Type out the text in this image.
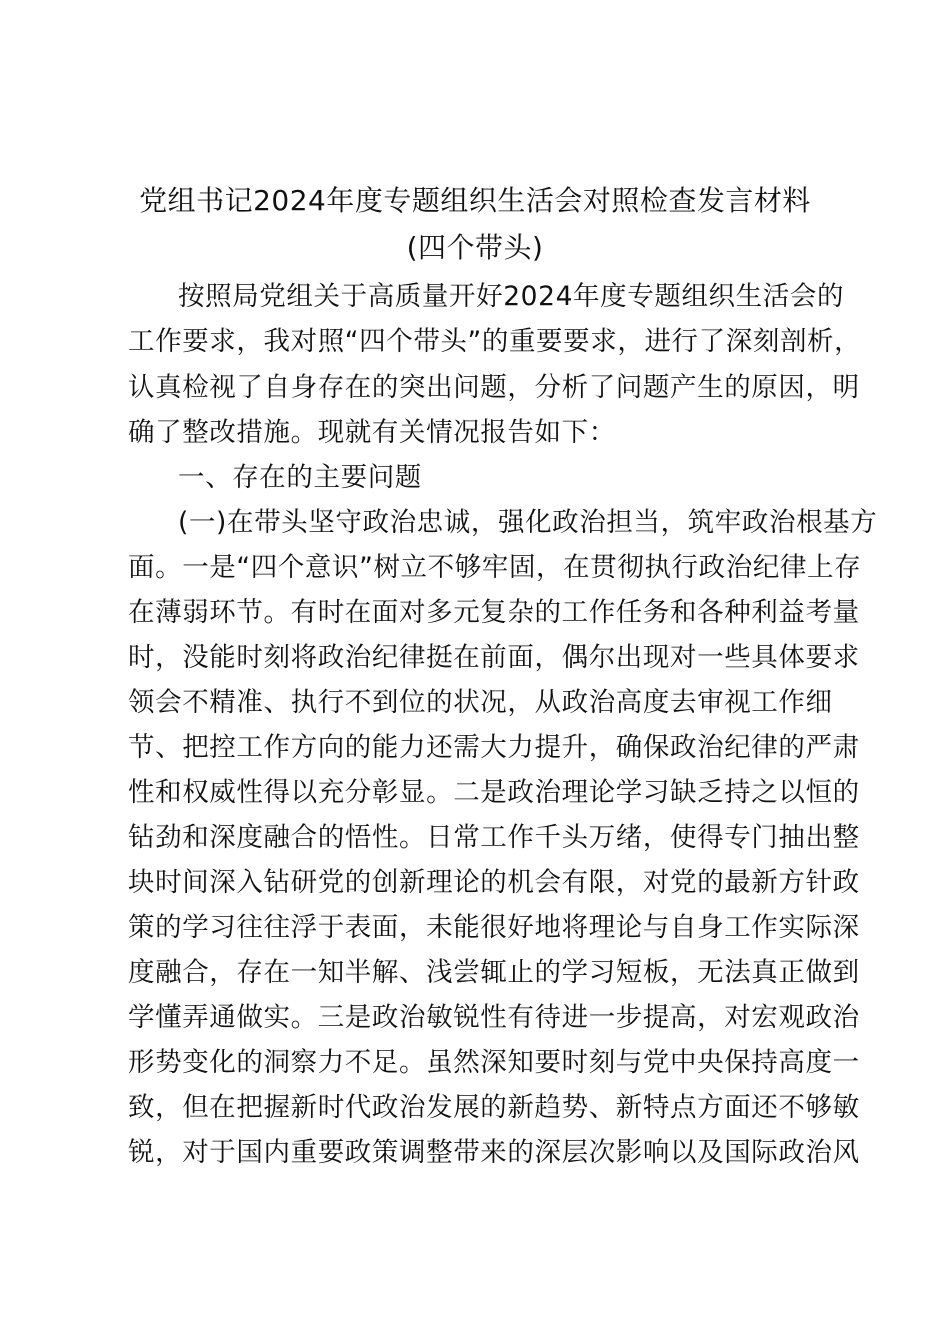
党组书记2024年度专题组织生活会对照检查发言材料
(四个带头)
按照局党组关于高质量开好2024年度专题组织生活会的
工作要求，我对照“四个带头”的重要要求，进行了深刻剖析，
认真检视了自身存在的突出问题，分析了问题产生的原因，明
确了整改措施。现就有关情况报告如下：
一、存在的主要问题
(一)在带头坚守政治忠诚，强化政治担当，筑牢政治根基方
面。一是“四个意识”树立不够牢固，在贯彻执行政治纪律上存
在薄弱环节。有时在面对多元复杂的工作任务和各种利益考量
时，没能时刻将政治纪律挺在前面，偶尔出现对一些具体要求
领会不精准、执行不到位的状况，从政治高度去审视工作细
节、把控工作方向的能力还需大力提升，确保政治纪律的严肃
性和权威性得以充分彰显。二是政治理论学习缺乏持之以恒的
钻劲和深度融合的悟性。日常工作千头万绪，使得专门抽出整
块时间深入钻研党的创新理论的机会有限，对党的最新方针政
策的学习往往浮于表面，未能很好地将理论与自身工作实际深
度融合，存在一知半解、浅尝辄止的学习短板，无法真正做到
学懂弄通做实。三是政治敏锐性有待进一步提高，对宏观政治
形势变化的洞察力不足。虽然深知要时刻与党中央保持高度一
致，但在把握新时代政治发展的新趋势、新特点方面还不够敏
锐，对于国内重要政策调整带来的深层次影响以及国际政治风
